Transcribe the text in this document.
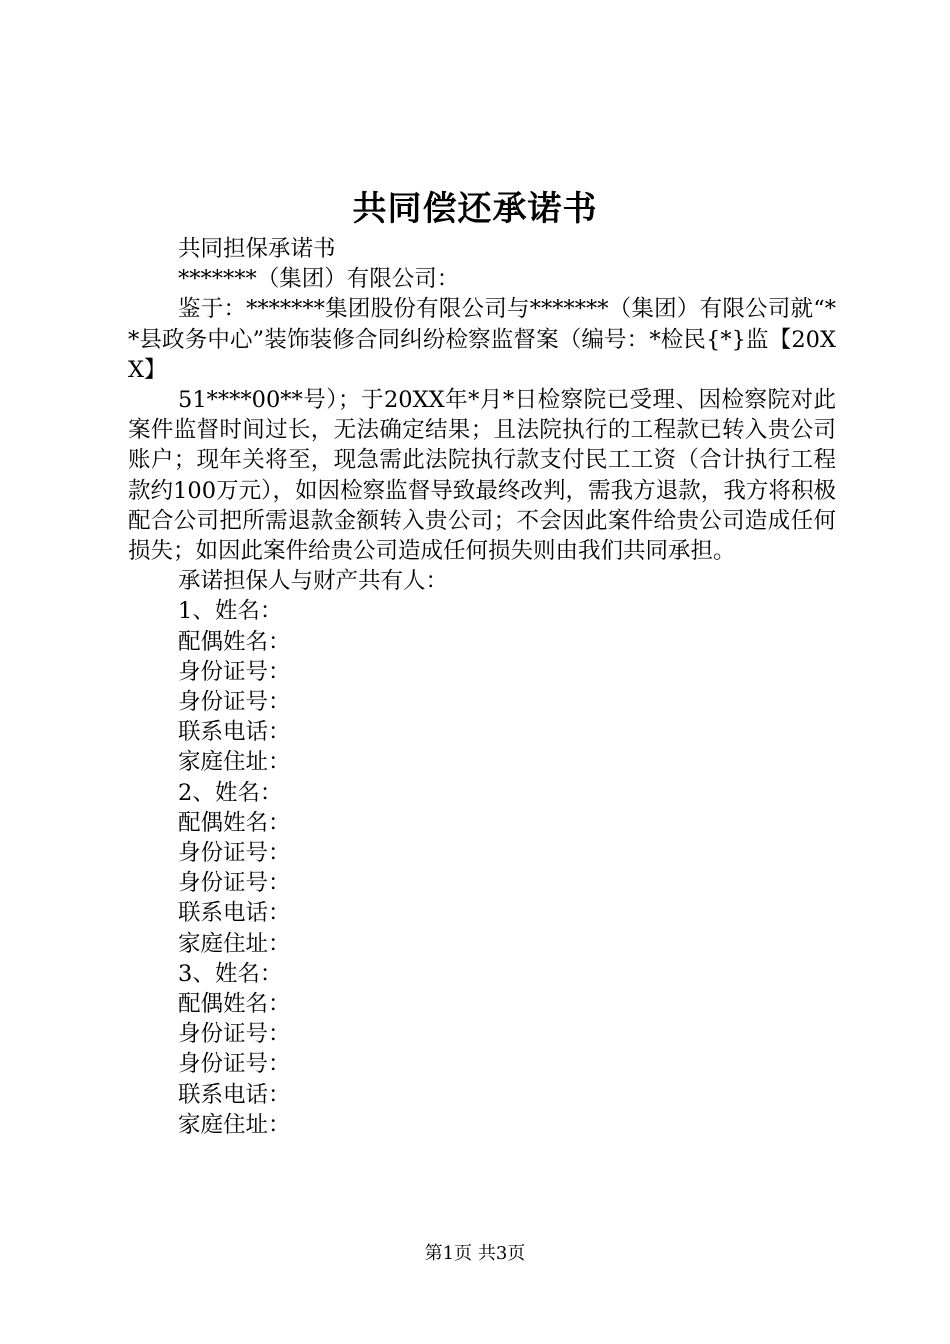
共同偿还承诺书

共同担保承诺书

*******（集团）有限公司：

鉴于：*******集团股份有限公司与*******（集团）有限公司就“**县政务中心”装饰装修合同纠纷检察监督案（编号：*检民{*}监【20XX】

51****00**号）；于20XX年*月*日检察院已受理、因检察院对此案件监督时间过长，无法确定结果；且法院执行的工程款已转入贵公司账户；现年关将至，现急需此法院执行款支付民工工资（合计执行工程款约100万元），如因检察监督导致最终改判，需我方退款，我方将积极配合公司把所需退款金额转入贵公司；不会因此案件给贵公司造成任何损失；如因此案件给贵公司造成任何损失则由我们共同承担。

承诺担保人与财产共有人：

1、姓名：

配偶姓名：

身份证号：

身份证号：

联系电话：

家庭住址：

2、姓名：

配偶姓名：

身份证号：

身份证号：

联系电话：

家庭住址：

3、姓名：

配偶姓名：

身份证号：

身份证号：

联系电话：

家庭住址：

第1页 共3页
